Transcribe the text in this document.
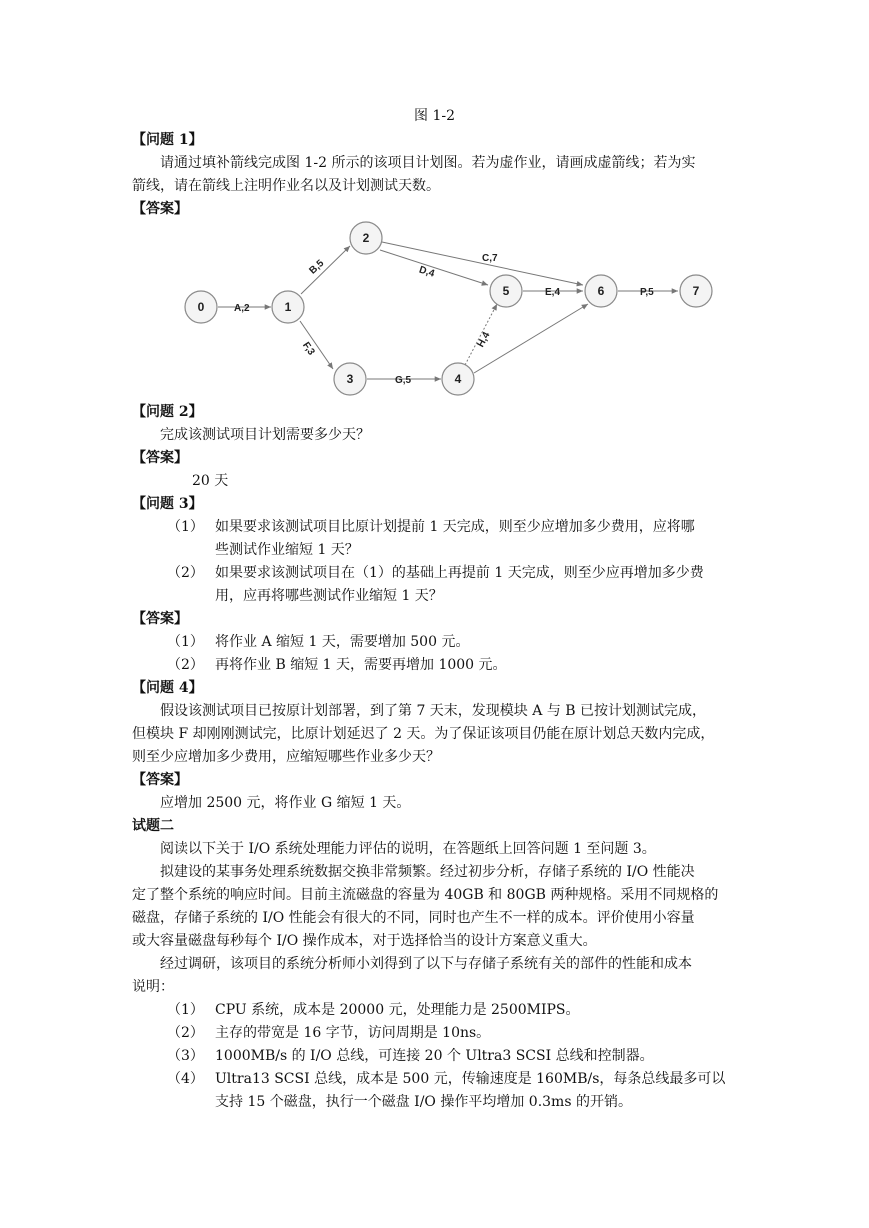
图 1-2
【问题 1】
请通过填补箭线完成图 1-2 所示的该项目计划图。若为虚作业，请画成虚箭线；若为实
箭线，请在箭线上注明作业名以及计划测试天数。
【答案】
A,2
B,5	C,7
D,4
E,4
F,3
G,5
H,4
P,5
0	1
2
3	4
5	6	7
【问题 2】
完成该测试项目计划需要多少天？
【答案】
20 天
【问题 3】
（1） 如果要求该测试项目比原计划提前 1 天完成，则至少应增加多少费用，应将哪
些测试作业缩短 1 天？
（2） 如果要求该测试项目在（1）的基础上再提前 1 天完成，则至少应再增加多少费
用，应再将哪些测试作业缩短 1 天？
【答案】
（1） 将作业 A 缩短 1 天，需要增加 500 元。
（2） 再将作业 B 缩短 1 天，需要再增加 1000 元。
【问题 4】
假设该测试项目已按原计划部署，到了第 7 天末，发现模块 A 与 B 已按计划测试完成，
但模块 F 却刚刚测试完，比原计划延迟了 2 天。为了保证该项目仍能在原计划总天数内完成，
则至少应增加多少费用，应缩短哪些作业多少天？
【答案】
应增加 2500 元，将作业 G 缩短 1 天。
试题二
阅读以下关于 I/O 系统处理能力评估的说明，在答题纸上回答问题 1 至问题 3。
拟建设的某事务处理系统数据交换非常频繁。经过初步分析，存储子系统的 I/O 性能决
定了整个系统的响应时间。目前主流磁盘的容量为 40GB 和 80GB 两种规格。采用不同规格的
磁盘，存储子系统的 I/O 性能会有很大的不同，同时也产生不一样的成本。评价使用小容量
或大容量磁盘每秒每个 I/O 操作成本，对于选择恰当的设计方案意义重大。
经过调研，该项目的系统分析师小刘得到了以下与存储子系统有关的部件的性能和成本
说明：
（1） CPU 系统，成本是 20000 元，处理能力是 2500MIPS。
（2） 主存的带宽是 16 字节，访问周期是 10ns。
（3） 1000MB/s 的 I/O 总线，可连接 20 个 Ultra3 SCSI 总线和控制器。
（4） Ultra13 SCSI 总线，成本是 500 元，传输速度是 160MB/s，每条总线最多可以
支持 15 个磁盘，执行一个磁盘 I/O 操作平均增加 0.3ms 的开销。
